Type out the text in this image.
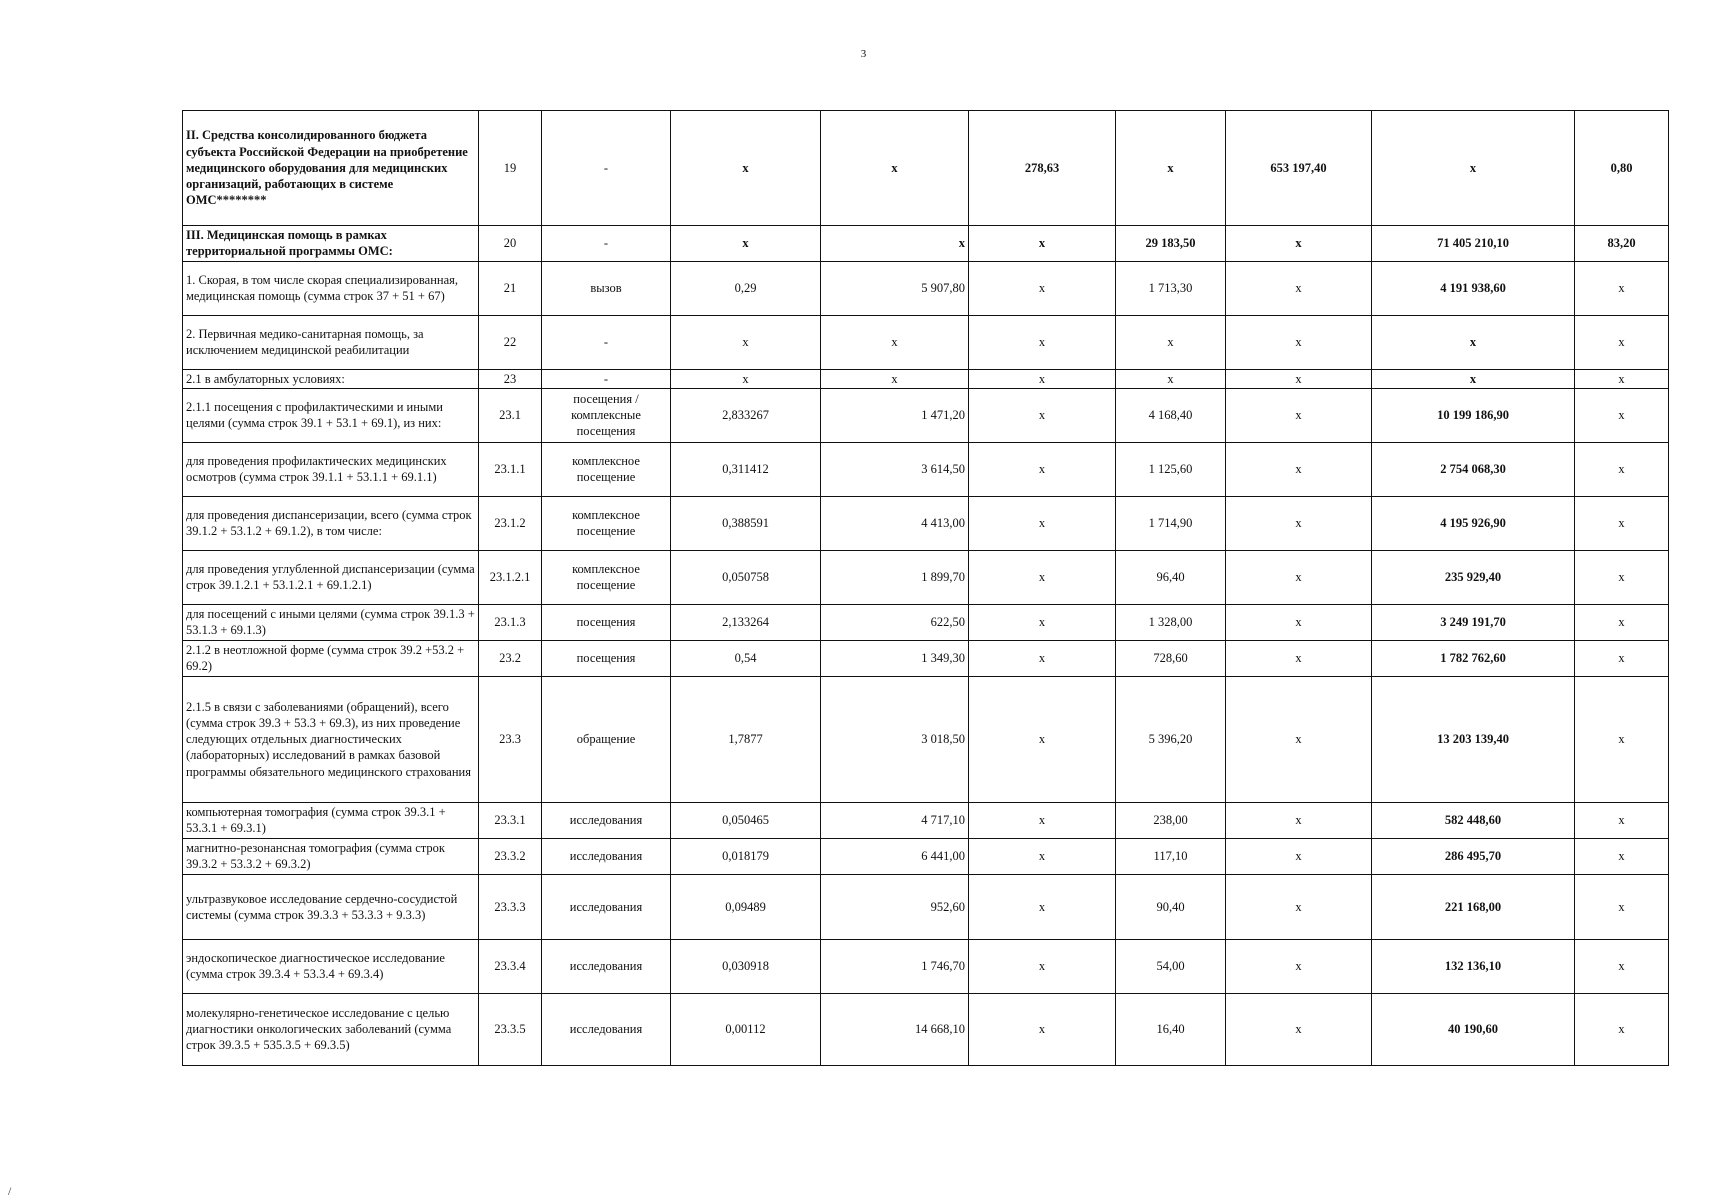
3
II. Средства консолидированного бюджета субъекта Российской Федерации на приобретение медицинского оборудования для медицинских организаций, работающих в системе ОМС********	19	-	x	x	278,63	x	653 197,40	x	0,80
III. Медицинская помощь в рамках территориальной программы ОМС:	20	-	x	x	x	29 183,50	x	71 405 210,10	83,20
1. Скорая, в том числе скорая специализированная, медицинская помощь (сумма строк 37 + 51 + 67)	21	вызов	0,29	5 907,80	x	1 713,30	x	4 191 938,60	x
2. Первичная медико-санитарная помощь, за исключением медицинской реабилитации	22	-	x	x	x	x	x	x	x
2.1 в амбулаторных условиях:	23	-	x	x	x	x	x	x	x
2.1.1 посещения с профилактическими и иными целями (сумма строк 39.1 + 53.1 + 69.1), из них:	23.1	посещения / комплексные посещения	2,833267	1 471,20	x	4 168,40	x	10 199 186,90	x
для проведения профилактических медицинских осмотров (сумма строк 39.1.1 + 53.1.1 + 69.1.1)	23.1.1	комплексное посещение	0,311412	3 614,50	x	1 125,60	x	2 754 068,30	x
для проведения диспансеризации, всего (сумма строк 39.1.2 + 53.1.2 + 69.1.2), в том числе:	23.1.2	комплексное посещение	0,388591	4 413,00	x	1 714,90	x	4 195 926,90	x
для проведения углубленной диспансеризации (сумма строк 39.1.2.1 + 53.1.2.1 + 69.1.2.1)	23.1.2.1	комплексное посещение	0,050758	1 899,70	x	96,40	x	235 929,40	x
для посещений с иными целями (сумма строк 39.1.3 + 53.1.3 + 69.1.3)	23.1.3	посещения	2,133264	622,50	x	1 328,00	x	3 249 191,70	x
2.1.2 в неотложной форме (сумма строк 39.2 +53.2 + 69.2)	23.2	посещения	0,54	1 349,30	x	728,60	x	1 782 762,60	x
2.1.5 в связи с заболеваниями (обращений), всего (сумма строк 39.3 + 53.3 + 69.3), из них проведение следующих отдельных диагностических (лабораторных) исследований в рамках базовой программы обязательного медицинского страхования	23.3	обращение	1,7877	3 018,50	x	5 396,20	x	13 203 139,40	x
компьютерная томография (сумма строк 39.3.1 + 53.3.1 + 69.3.1)	23.3.1	исследования	0,050465	4 717,10	x	238,00	x	582 448,60	x
магнитно-резонансная томография (сумма строк 39.3.2 + 53.3.2 + 69.3.2)	23.3.2	исследования	0,018179	6 441,00	x	117,10	x	286 495,70	x
ультразвуковое исследование сердечно-сосудистой системы (сумма строк 39.3.3 + 53.3.3 + 9.3.3)	23.3.3	исследования	0,09489	952,60	x	90,40	x	221 168,00	x
эндоскопическое диагностическое исследование (сумма строк 39.3.4 + 53.3.4 + 69.3.4)	23.3.4	исследования	0,030918	1 746,70	x	54,00	x	132 136,10	x
молекулярно-генетическое исследование с целью диагностики онкологических заболеваний (сумма строк 39.3.5 + 535.3.5 + 69.3.5)	23.3.5	исследования	0,00112	14 668,10	x	16,40	x	40 190,60	x
/
